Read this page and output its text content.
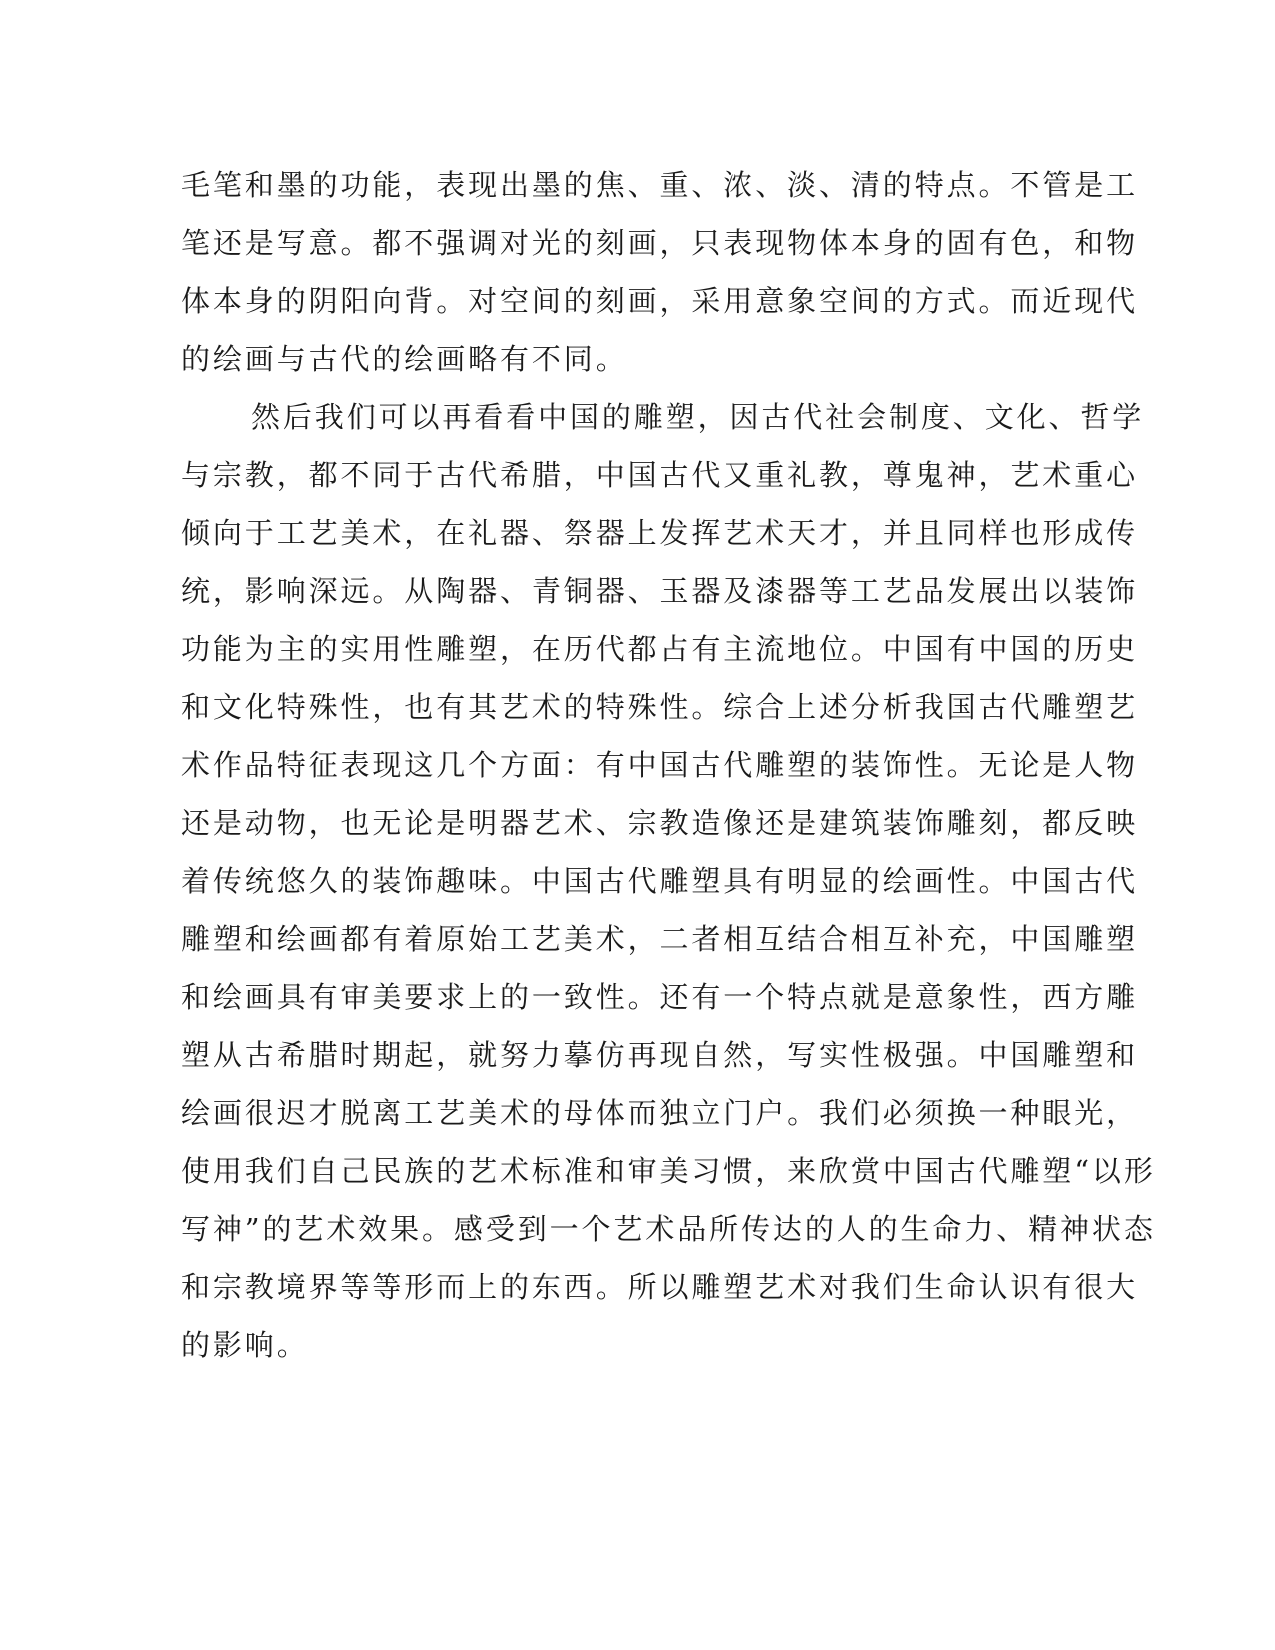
毛笔和墨的功能，表现出墨的焦、重、浓、淡、清的特点。不管是工
笔还是写意。都不强调对光的刻画，只表现物体本身的固有色，和物
体本身的阴阳向背。对空间的刻画，采用意象空间的方式。而近现代
的绘画与古代的绘画略有不同。
然后我们可以再看看中国的雕塑，因古代社会制度、文化、哲学
与宗教，都不同于古代希腊，中国古代又重礼教，尊鬼神，艺术重心
倾向于工艺美术，在礼器、祭器上发挥艺术天才，并且同样也形成传
统，影响深远。从陶器、青铜器、玉器及漆器等工艺品发展出以装饰
功能为主的实用性雕塑，在历代都占有主流地位。中国有中国的历史
和文化特殊性，也有其艺术的特殊性。综合上述分析我国古代雕塑艺
术作品特征表现这几个方面：有中国古代雕塑的装饰性。无论是人物
还是动物，也无论是明器艺术、宗教造像还是建筑装饰雕刻，都反映
着传统悠久的装饰趣味。中国古代雕塑具有明显的绘画性。中国古代
雕塑和绘画都有着原始工艺美术，二者相互结合相互补充，中国雕塑
和绘画具有审美要求上的一致性。还有一个特点就是意象性，西方雕
塑从古希腊时期起，就努力摹仿再现自然，写实性极强。中国雕塑和
绘画很迟才脱离工艺美术的母体而独立门户。我们必须换一种眼光，
使用我们自己民族的艺术标准和审美习惯，来欣赏中国古代雕塑“以形
写神”的艺术效果。感受到一个艺术品所传达的人的生命力、精神状态
和宗教境界等等形而上的东西。所以雕塑艺术对我们生命认识有很大
的影响。
